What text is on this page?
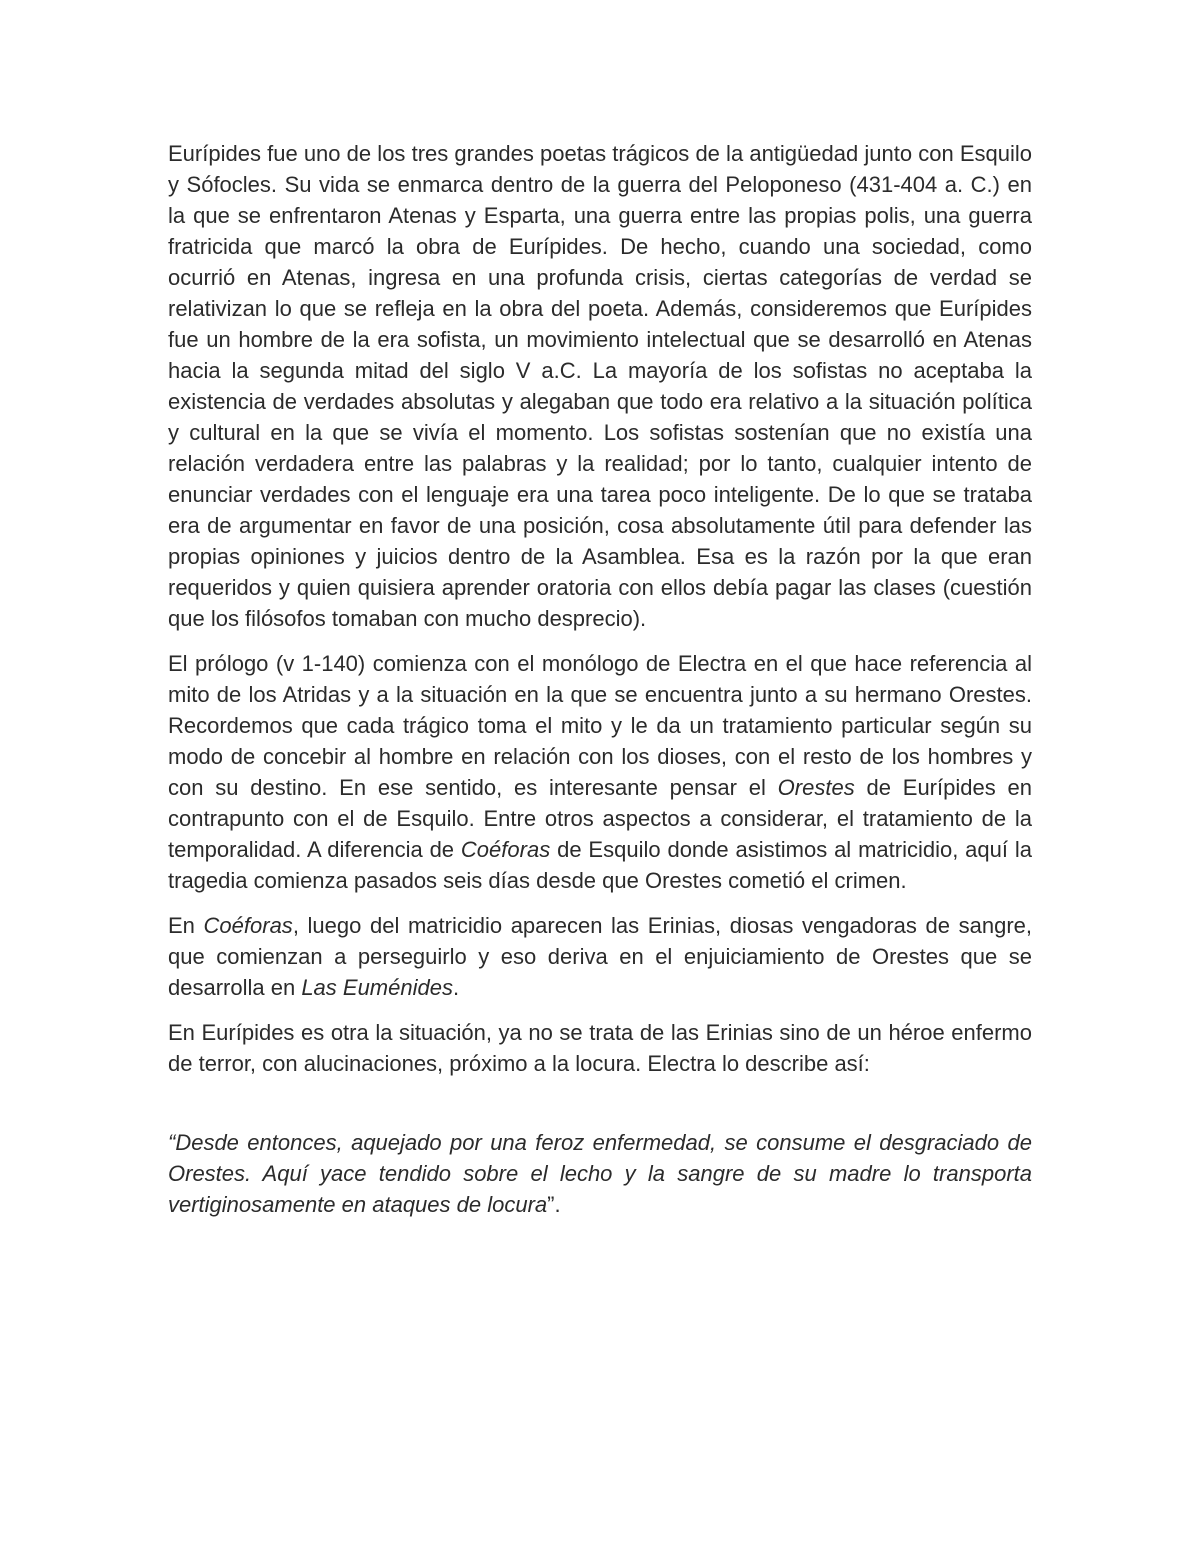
Eurípides fue uno de los tres grandes poetas trágicos de la antigüedad junto con Esquilo y Sófocles. Su vida se enmarca dentro de la guerra del Peloponeso (431-404 a. C.) en la que se enfrentaron Atenas y Esparta, una guerra entre las propias polis, una guerra fratricida que marcó la obra de Eurípides. De hecho, cuando una sociedad, como ocurrió en Atenas, ingresa en una profunda crisis, ciertas categorías de verdad se relativizan lo que se refleja en la obra del poeta. Además, consideremos que Eurípides fue un hombre de la era sofista, un movimiento intelectual que se desarrolló en Atenas hacia la segunda mitad del siglo V a.C. La mayoría de los sofistas no aceptaba la existencia de verdades absolutas y alegaban que todo era relativo a la situación política y cultural en la que se vivía el momento. Los sofistas sostenían que no existía una relación verdadera entre las palabras y la realidad; por lo tanto, cualquier intento de enunciar verdades con el lenguaje era una tarea poco inteligente. De lo que se trataba era de argumentar en favor de una posición, cosa absolutamente útil para defender las propias opiniones y juicios dentro de la Asamblea. Esa es la razón por la que eran requeridos y quien quisiera aprender oratoria con ellos debía pagar las clases (cuestión que los filósofos tomaban con mucho desprecio).

El prólogo (v 1-140) comienza con el monólogo de Electra en el que hace referencia al mito de los Atridas y a la situación en la que se encuentra junto a su hermano Orestes. Recordemos que cada trágico toma el mito y le da un tratamiento particular según su modo de concebir al hombre en relación con los dioses, con el resto de los hombres y con su destino. En ese sentido, es interesante pensar el Orestes de Eurípides en contrapunto con el de Esquilo. Entre otros aspectos a considerar, el tratamiento de la temporalidad. A diferencia de Coéforas de Esquilo donde asistimos al matricidio, aquí la tragedia comienza pasados seis días desde que Orestes cometió el crimen.

En Coéforas, luego del matricidio aparecen las Erinias, diosas vengadoras de sangre, que comienzan a perseguirlo y eso deriva en el enjuiciamiento de Orestes que se desarrolla en Las Euménides.

En Eurípides es otra la situación, ya no se trata de las Erinias sino de un héroe enfermo de terror, con alucinaciones, próximo a la locura. Electra lo describe así:

“Desde entonces, aquejado por una feroz enfermedad, se consume el desgraciado de Orestes. Aquí yace tendido sobre el lecho y la sangre de su madre lo transporta vertiginosamente en ataques de locura”.
